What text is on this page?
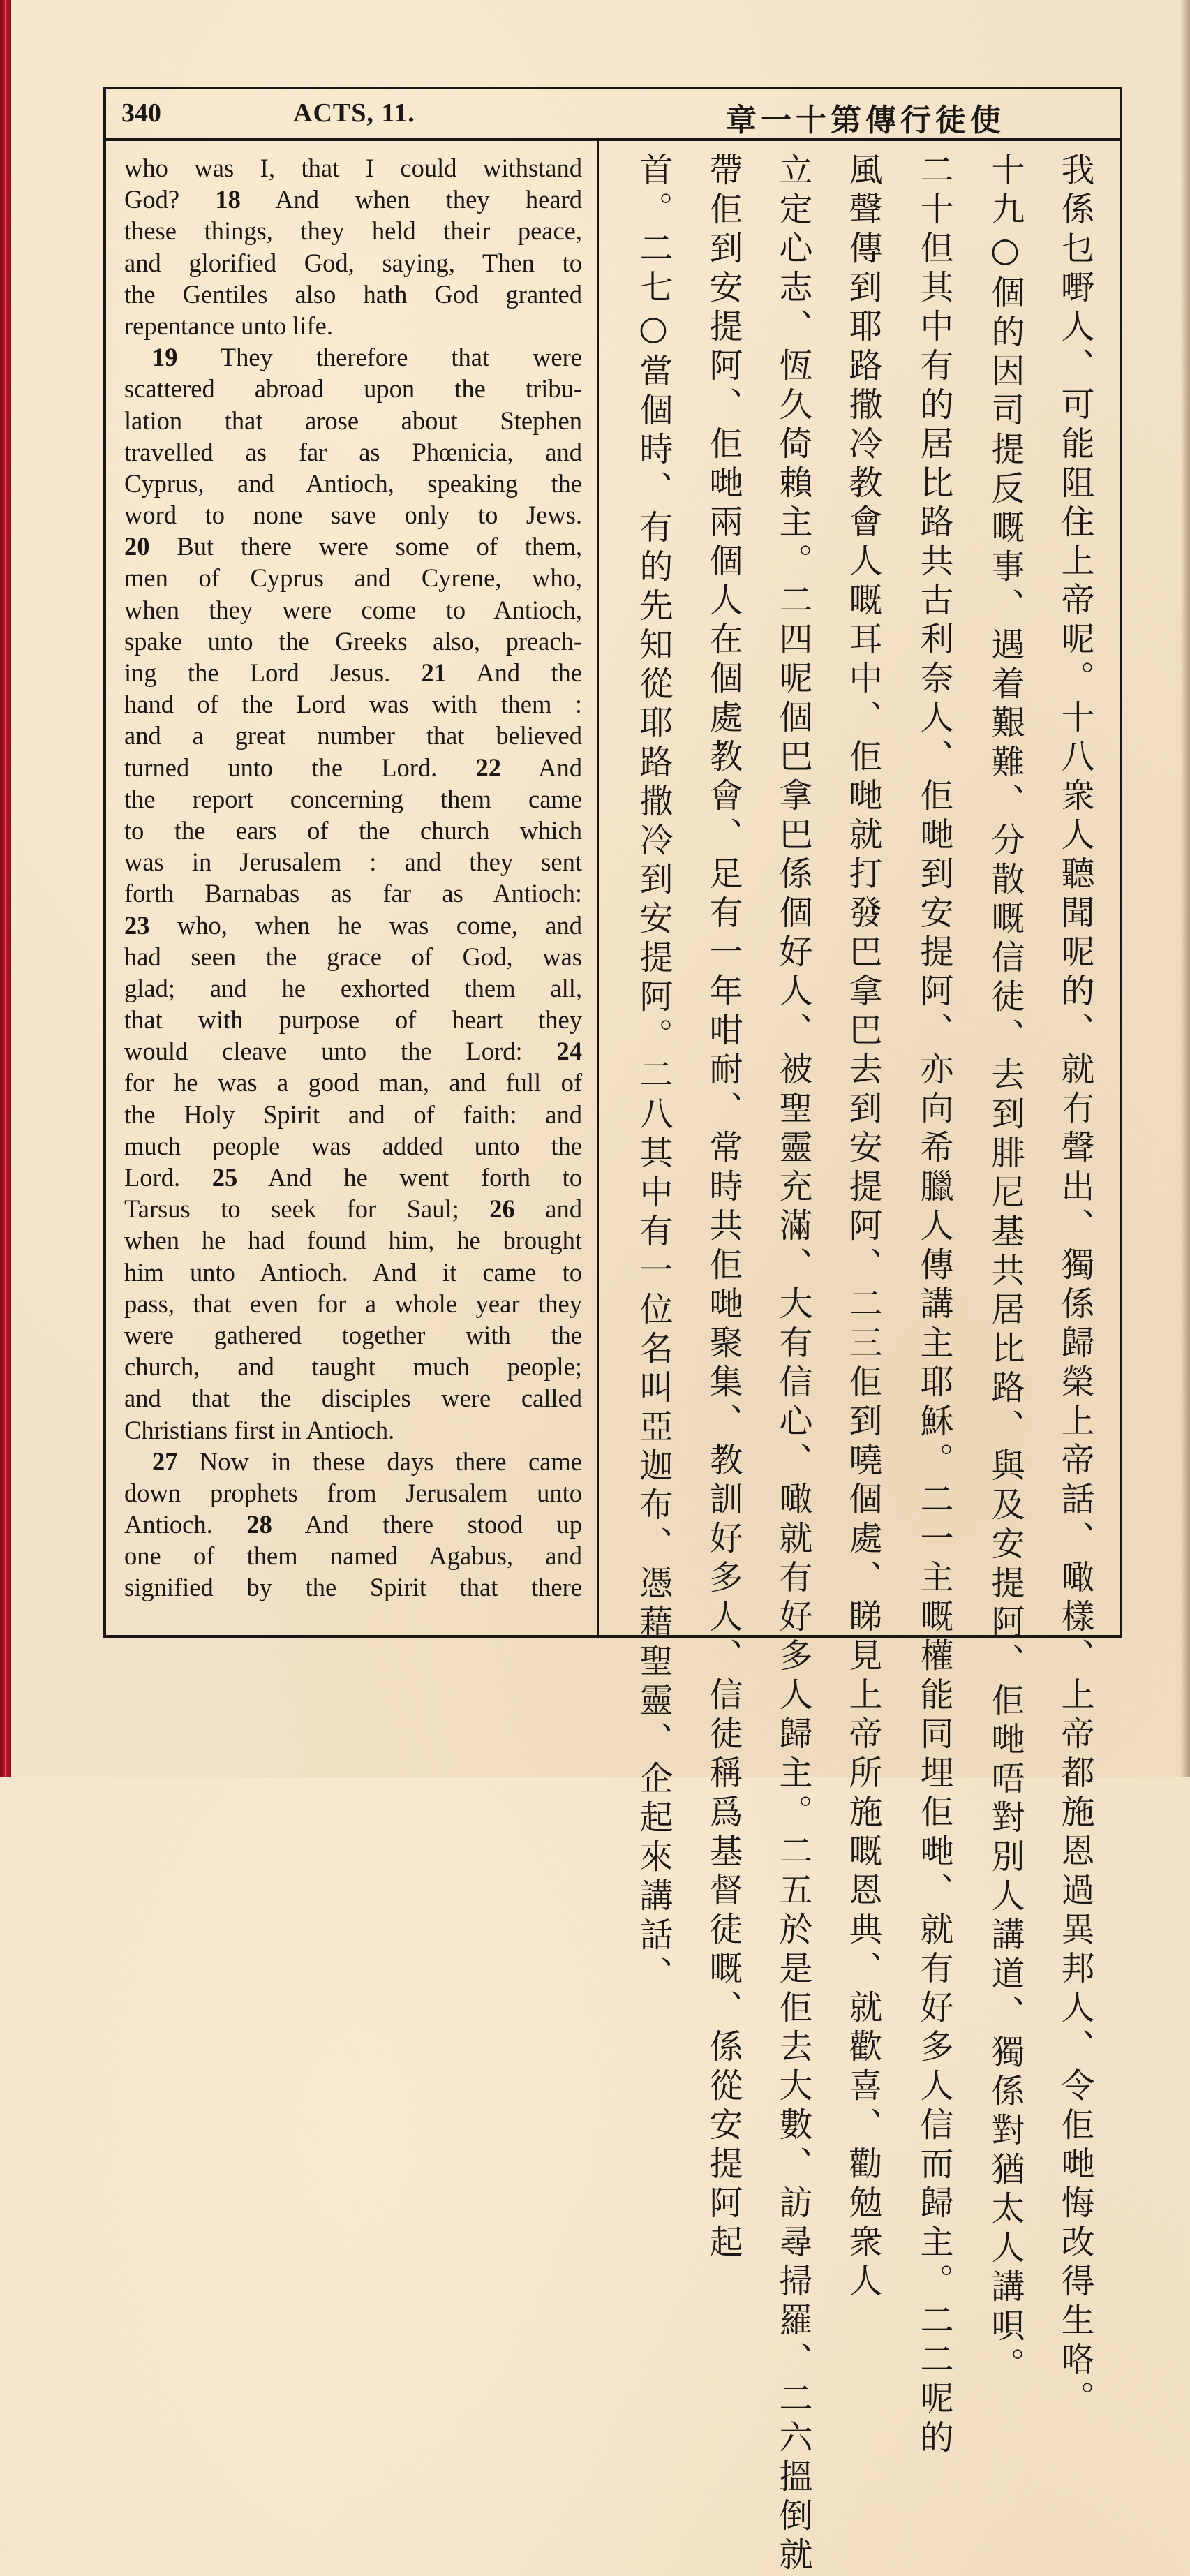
340	ACTS, 11.	章一十第傳行徒使
who was I, that I could withstand
God? 18 And when they heard
these things, they held their peace,
and glorified God, saying, Then to
the Gentiles also hath God granted
repentance unto life.
19 They therefore that were
scattered abroad upon the tribu-
lation that arose about Stephen
travelled as far as Phœnicia, and
Cyprus, and Antioch, speaking the
word to none save only to Jews.
20 But there were some of them,
men of Cyprus and Cyrene, who,
when they were come to Antioch,
spake unto the Greeks also, preach-
ing the Lord Jesus. 21 And the
hand of the Lord was with them :
and a great number that believed
turned unto the Lord. 22 And
the report concerning them came
to the ears of the church which
was in Jerusalem : and they sent
forth Barnabas as far as Antioch:
23 who, when he was come, and
had seen the grace of God, was
glad; and he exhorted them all,
that with purpose of heart they
would cleave unto the Lord: 24
for he was a good man, and full of
the Holy Spirit and of faith: and
much people was added unto the
Lord. 25 And he went forth to
Tarsus to seek for Saul; 26 and
when he had found him, he brought
him unto Antioch. And it came to
pass, that even for a whole year they
were gathered together with the
church, and taught much people;
and that the disciples were called
Christians first in Antioch.
27 Now in these days there came
down prophets from Jerusalem unto
Antioch. 28 And there stood up
one of them named Agabus, and
signified by the Spirit that there	我係乜嘢人、可能阻住上帝呢。十八衆人聽聞呢的、就冇聲出、獨係歸榮上帝話、噉樣、上帝都施恩過異邦人、令佢哋悔改得生咯。
十九○個的因司提反嘅事、遇着艱難、分散嘅信徒、去到腓尼基共居比路、與及安提阿、佢哋唔對別人講道、獨係對猶太人講唄。
二十但其中有的居比路共古利奈人、佢哋到安提阿、亦向希臘人傳講主耶穌。二一主嘅權能同埋佢哋、就有好多人信而歸主。二二呢的
風聲傳到耶路撒冷教會人嘅耳中、佢哋就打發巴拿巴去到安提阿、二三佢到嘵個處、睇見上帝所施嘅恩典、就歡喜、勸勉衆人
立定心志、恆久倚賴主。二四呢個巴拿巴係個好人、被聖靈充滿、大有信心、噉就有好多人歸主。二五於是佢去大數、訪尋掃羅、二六搵倒就
帶佢到安提阿、佢哋兩個人在個處教會、足有一年咁耐、常時共佢哋聚集、教訓好多人、信徒稱爲基督徒嘅、係從安提阿起
首。二七○當個時、有的先知從耶路撒冷到安提阿。二八其中有一位名叫亞迦布、憑藉聖靈、企起來講話、
